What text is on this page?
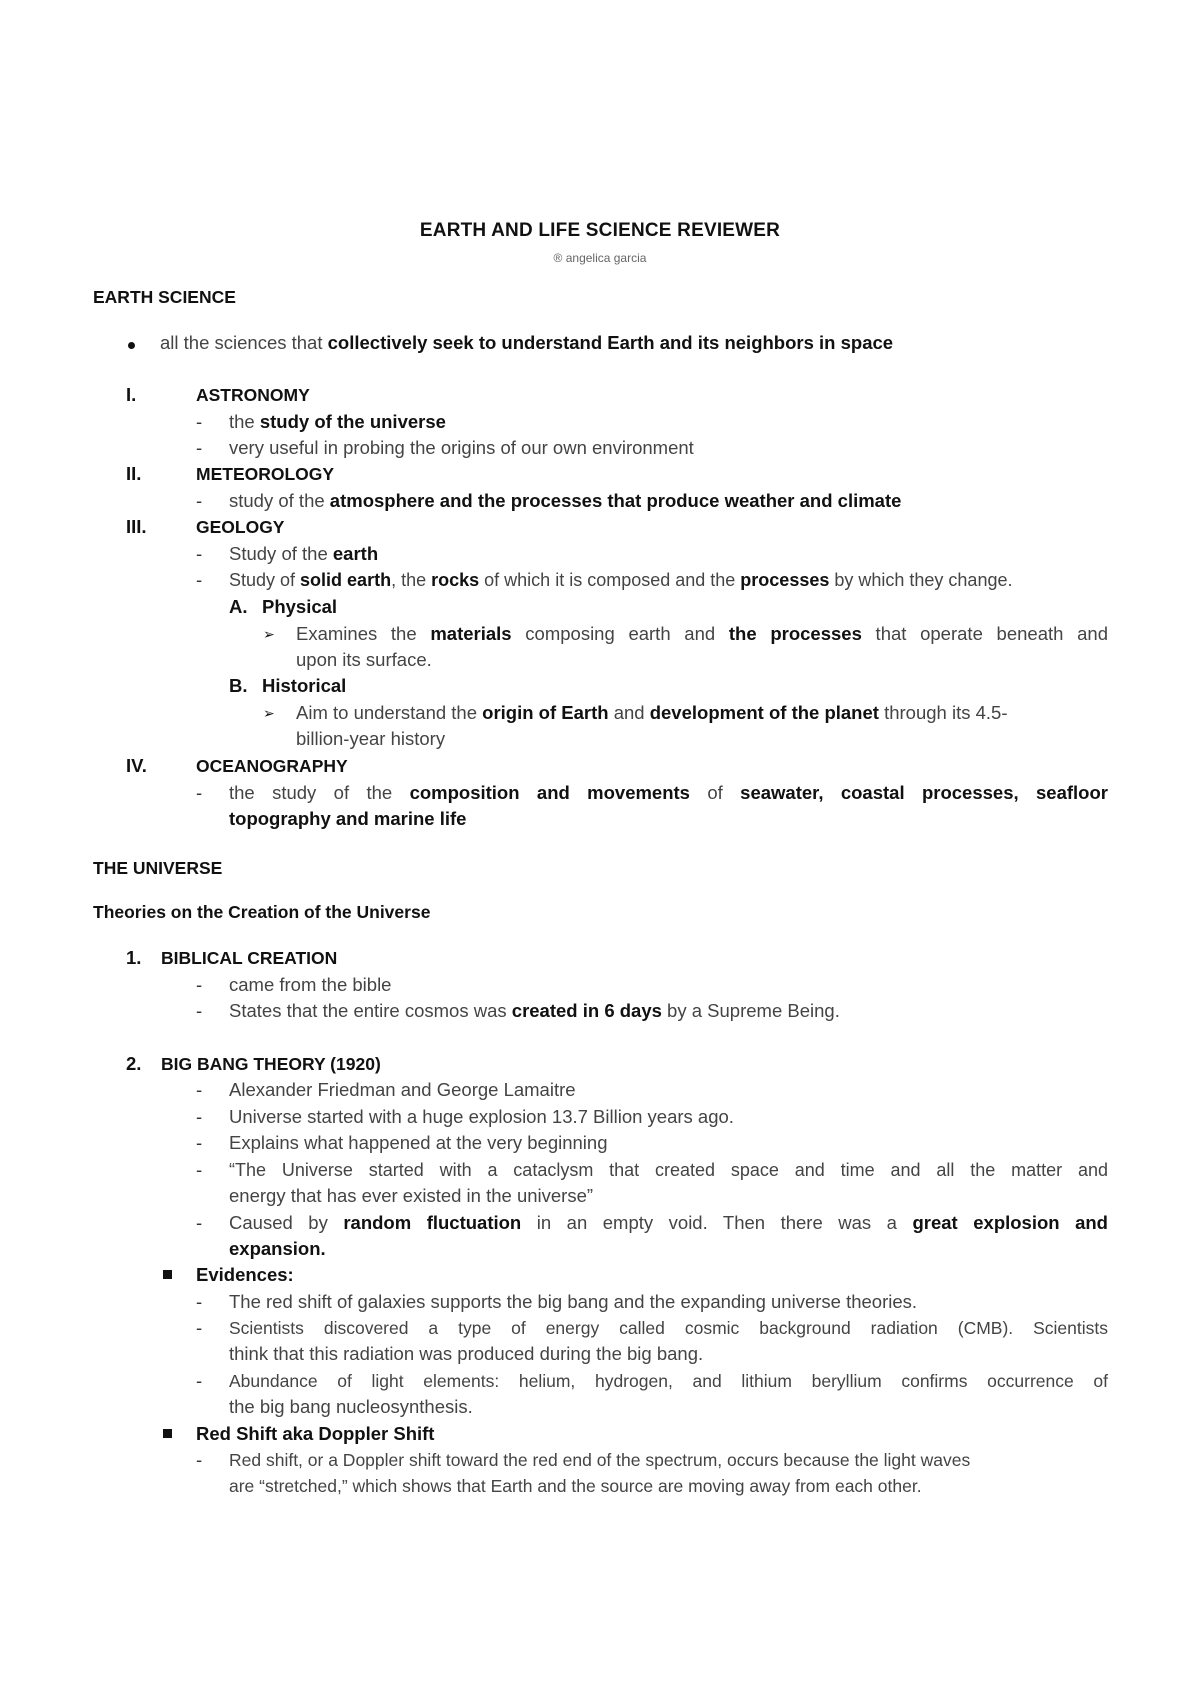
EARTH AND LIFE SCIENCE REVIEWER
® angelica garcia
EARTH SCIENCE
all the sciences that collectively seek to understand Earth and its neighbors in space
I.	ASTRONOMY
- the study of the universe
- very useful in probing the origins of our own environment
II.	METEOROLOGY
- study of the atmosphere and the processes that produce weather and climate
III.	GEOLOGY
- Study of the earth
- Study of solid earth, the rocks of which it is composed and the processes by which they change.
A. Physical
➢ Examines the materials composing earth and the processes that operate beneath and
upon its surface.
B. Historical
➢ Aim to understand the origin of Earth and development of the planet through its 4.5-
billion-year history
IV.	OCEANOGRAPHY
- the study of the composition and movements of seawater, coastal processes, seafloor
topography and marine life
THE UNIVERSE
Theories on the Creation of the Universe
1. BIBLICAL CREATION
- came from the bible
- States that the entire cosmos was created in 6 days by a Supreme Being.
2. BIG BANG THEORY (1920)
- Alexander Friedman and George Lamaitre
- Universe started with a huge explosion 13.7 Billion years ago.
- Explains what happened at the very beginning
- “The Universe started with a cataclysm that created space and time and all the matter and
energy that has ever existed in the universe”
- Caused by random fluctuation in an empty void. Then there was a great explosion and
expansion.
Evidences:
- The red shift of galaxies supports the big bang and the expanding universe theories.
- Scientists discovered a type of energy called cosmic background radiation (CMB). Scientists
think that this radiation was produced during the big bang.
- Abundance of light elements: helium, hydrogen, and lithium beryllium confirms occurrence of
the big bang nucleosynthesis.
Red Shift aka Doppler Shift
- Red shift, or a Doppler shift toward the red end of the spectrum, occurs because the light waves
are “stretched,” which shows that Earth and the source are moving away from each other.
